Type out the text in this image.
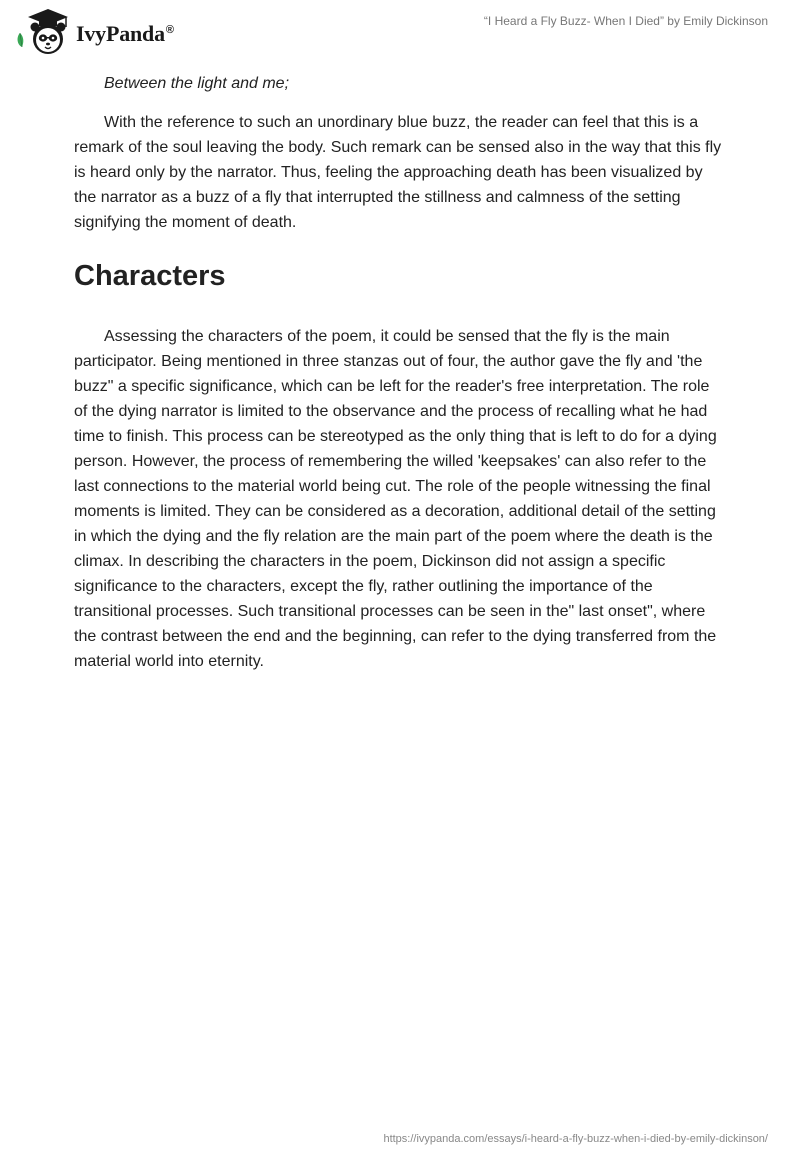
IvyPanda®
“I Heard a Fly Buzz- When I Died” by Emily Dickinson

Between the light and me;

With the reference to such an unordinary blue buzz, the reader can feel that this is a remark of the soul leaving the body. Such remark can be sensed also in the way that this fly is heard only by the narrator. Thus, feeling the approaching death has been visualized by the narrator as a buzz of a fly that interrupted the stillness and calmness of the setting signifying the moment of death.

Characters

Assessing the characters of the poem, it could be sensed that the fly is the main participator. Being mentioned in three stanzas out of four, the author gave the fly and 'the buzz" a specific significance, which can be left for the reader's free interpretation. The role of the dying narrator is limited to the observance and the process of recalling what he had time to finish. This process can be stereotyped as the only thing that is left to do for a dying person. However, the process of remembering the willed 'keepsakes' can also refer to the last connections to the material world being cut. The role of the people witnessing the final moments is limited. They can be considered as a decoration, additional detail of the setting in which the dying and the fly relation are the main part of the poem where the death is the climax. In describing the characters in the poem, Dickinson did not assign a specific significance to the characters, except the fly, rather outlining the importance of the transitional processes. Such transitional processes can be seen in the" last onset", where the contrast between the end and the beginning, can refer to the dying transferred from the material world into eternity.

https://ivypanda.com/essays/i-heard-a-fly-buzz-when-i-died-by-emily-dickinson/
